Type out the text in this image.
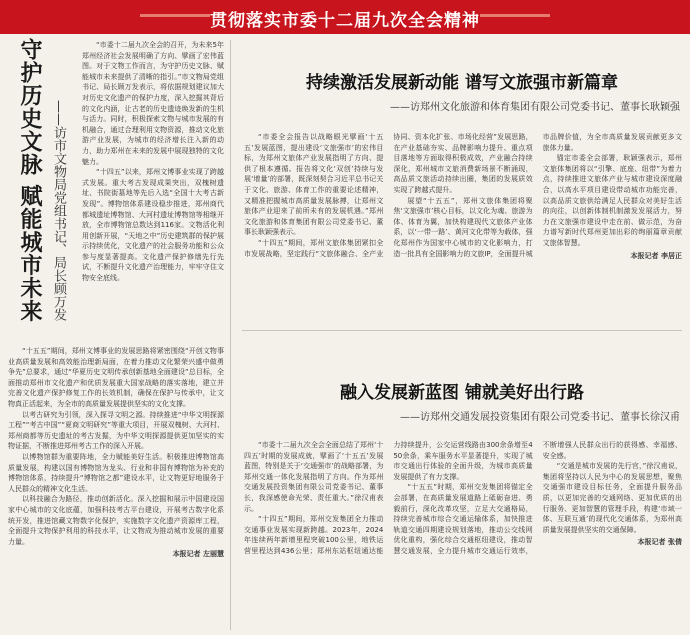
贯彻落实市委十二届九次全会精神
守护历史文脉 赋能城市未来 ——访市文物局党组书记、局长顾万发

“市委十二届九次全会的召开，为未来5年郑州经济社会发展明确了方向、擘画了宏伟蓝图。对于文物工作而言，为守护历史文脉、赋能城市未来提供了清晰的指引。”市文物局党组书记、局长顾万发表示，将依据规划建议加大对历史文化遗产的保护力度，深入挖掘其背后的文化内涵，让古老的历史遗迹焕发新的生机与活力。同时，积极探索文物与城市发展的有机融合，通过合理利用文物资源，推动文化旅游产业发展，为城市的经济增长注入新的动力，助力郑州在未来的发展中展现独特的文化魅力。

“十四五”以来，郑州文博事业实现了跨越式发展。重大考古发现成果突出，双槐树遗址、书院街墓地等先后入选“全国十大考古新发现”。博物馆体系建设稳步推进，郑州商代都城遗址博物馆、大河村遗址博物馆等相继开放，全市博物馆总数达到116家。文物活化利用创新开展，“天地之中”历史建筑群的保护展示持续优化，文化遗产的社会服务功能和公众参与度显著提高。文化遗产保护修缮先行先试，不断提升文化遗产治理能力，牢牢守住文物安全底线。

“十五五”期间，郑州文博事业的发展思路将紧密围绕“开创文物事业高质量发展和高效能治理新局面，在着力推动文化繁荣兴盛中做勇争先”总要求，通过“华夏历史文明传承创新基地全面建设”总目标，全面推动郑州市文化遗产和优质发展重大国家战略的落实落地，建立并完善文化遗产保护修复工作的长效机制，确保在保护与传承中，让文物真正活起来，为全市的高质量发展提供坚实的文化支撑。

以考古研究为引领，深入探寻文明之源。持续推进“中华文明探源工程”“考古中国”“夏商文明研究”等重大项目，开展双槐树、大河村、郑州商都等历史遗址的考古发掘，为中华文明探源提供更加坚实的实物证据，不断推进郑州考古工作的深入开展。

以博物馆群为重要阵地，全力赋能美好生活。积极推进博物馆高质量发展，构建以国有博物馆为龙头、行业和非国有博物馆为补充的博物馆体系，持续提升“博物馆之都”建设水平，让文物更好地服务于人民群众的精神文化生活。

以科技融合为路径，推动创新活化。深入挖掘和展示中国建设国家中心城市的文化底蕴，加强科技考古平台建设，开展考古数字化系统开发，推进馆藏文物数字化保护，实施数字文化遗产资源库工程，全面提升文物保护利用的科技水平，让文物成为推动城市发展的重要力量。

本报记者 左丽慧
持续激活发展新动能 谱写文旅强市新篇章
——访郑州文化旅游和体育集团有限公司党委书记、董事长耿颖强

“市委全会报告以战略眼光擘画‘十五五’发展蓝图，提出建设‘文旅强市’的宏伟目标，为郑州文旅体产业发展指明了方向、提供了根本遵循。报告将文化‘双创’持续与发展‘增量’的部署，既深刻契合习近平总书记关于文化、旅游、体育工作的重要论述精神，又精准把握城市高质量发展脉搏，让郑州文旅体产业迎来了前所未有的发展机遇。”郑州文化旅游和体育集团有限公司党委书记、董事长耿颖强表示。

“十四五”期间，郑州文旅体集团紧扣全市发展战略，坚定践行“文旅体融合、全产业协同、资本化扩张、市场化经营”发展思路，在产业基础夯实、品牌影响力提升、重点项目落地等方面取得积极成效，产业融合持续深化，郑州城市文旅消费新场景不断涌现，高品质文旅活动持续出圈，集团的发展质效实现了跨越式提升。

展望“十五五”，郑州文旅体集团将聚焦‘文旅强市’核心目标，以文化为魂、旅游为体、体育为翼，加快构建现代文旅体产业体系，以‘一带一路’、黄河文化带等为载体，强化郑州作为国家中心城市的文化影响力，打造一批具有全国影响力的文旅IP，全面提升城市品牌价值，为全市高质量发展贡献更多文旅体力量。

锚定市委全会部署，耿颖强表示，郑州文旅体集团将以“引擎、底座、纽带”为着力点，持续推进文旅体产业与城市建设深度融合，以高水平项目建设带动城市功能完善，以高品质文旅供给满足人民群众对美好生活的向往，以创新体制机制激发发展活力，努力在文旅强市建设中走在前、做示范，为奋力谱写新时代郑州更加出彩的绚丽篇章贡献文旅体智慧。

本报记者 李居正
融入发展新蓝图 铺就美好出行路
——访郑州交通发展投资集团有限公司党委书记、董事长徐汉甫

“市委十二届九次全会全面总结了郑州‘十四五’时期的发展成就，擘画了‘十五五’发展蓝图，特别是关于‘交通强市’的战略部署，为郑州交通一体化发展指明了方向。作为郑州交通发展投资集团有限公司党委书记、董事长，我深感使命光荣、责任重大。”徐汉甫表示。

“十四五”期间，郑州交发集团全力推动交通事业发展实现新跨越。2023年，2024年连续两年新增里程突破100公里，地铁运营里程达到436公里；郑州东站枢纽通达能力持续提升，公交运营线路由300余条增至450余条，乘车服务水平显著提升，实现了城市交通出行体验的全面升级，为城市高质量发展提供了有力支撑。

“十五五”时期，郑州交发集团将锚定全会部署，在高质量发展道路上砥砺奋进、勇毅前行，深化改革攻坚，立足大交通格局，持续完善城市综合交通运输体系，加快推进轨道交通四期建设规划落地，推动公交线网优化重构，强化综合交通枢纽建设，推动智慧交通发展，全力提升城市交通运行效率，不断增强人民群众出行的获得感、幸福感、安全感。

“交通是城市发展的先行官，”徐汉甫说，集团将坚持以人民为中心的发展思想，聚焦交通强市建设目标任务，全面提升服务品质，以更加完善的交通网络、更加优质的出行服务、更加智慧的管理手段，构建‘市域一体、互联互通’的现代化交通体系，为郑州高质量发展提供坚实的交通保障。

本报记者 张倩
